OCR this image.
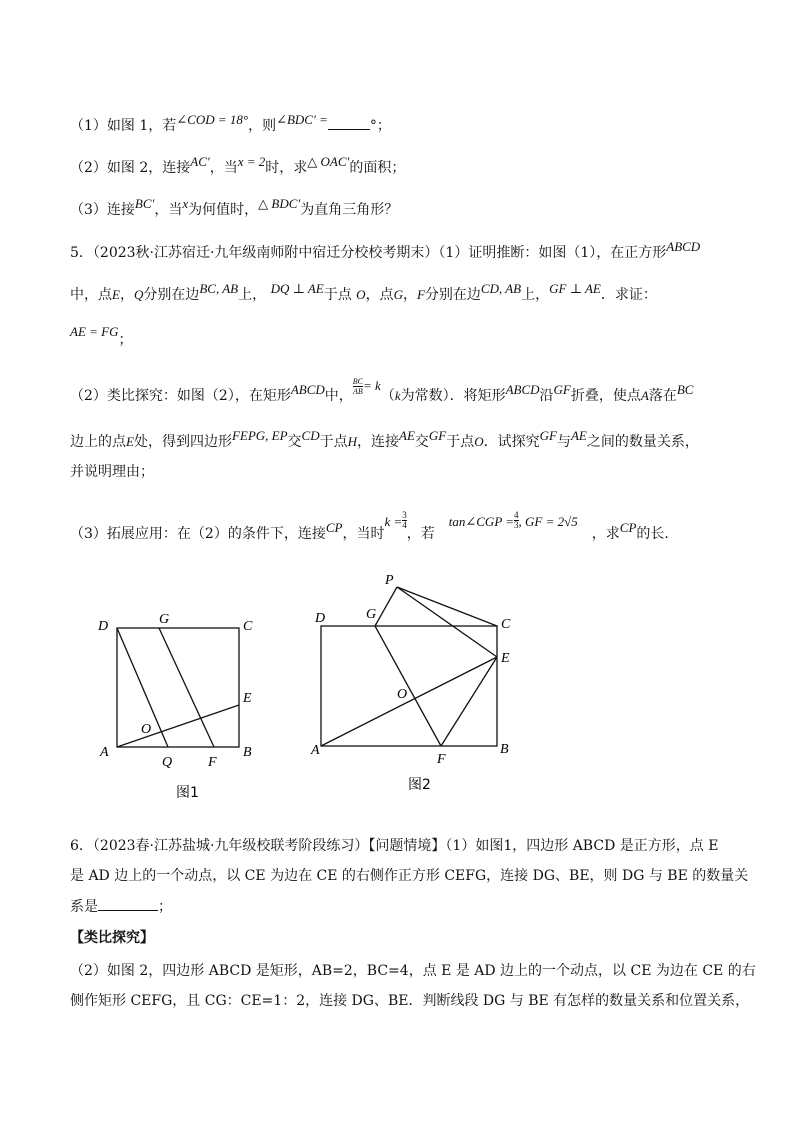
（1）如图 1，若∠COD = 18°，则∠BDC′ =	°；
（2）如图 2，连接AC′，当x = 2时，求△ OAC′的面积；
（3）连接BC′，当x为何值时，△ BDC′为直角三角形？
5．（2023秋·江苏宿迁·九年级南师附中宿迁分校校考期末）（1）证明推断：如图（1），在正方形ABCD
中，点E，Q分别在边BC, AB上， DQ ⊥ AE于点 O，点G，F分别在边CD, AB上，GF ⊥ AE．求证：
AE = FG；
（2）类比探究：如图（2），在矩形ABCD中，
$\frac{BC}{AB} = k(k$为常数）．将矩形ABCD沿GF折叠，使点A落在BC
边上的点E处，得到四边形FEPG, EP交CD于点H，连接AE交GF于点O．试探究GF与AE之间的数量关系，
并说明理由；
（3）拓展应用：在（2）的条件下，连接CP，当时$k = \frac{3}{4}$
，若tan∠CGP = $\frac{4}{3}$ , GF = 2√5，求CP的长．
D	G	C
E
O
A
Q	F
B
图1
P
D	G
C
E
O
A
F
B
图2
6．（2023春·江苏盐城·九年级校联考阶段练习）【问题情境】（1）如图1，四边形 ABCD 是正方形，点 E
是 AD 边上的一个动点，以 CE 为边在 CE 的右侧作正方形 CEFG，连接 DG、BE，则 DG 与 BE 的数量关
系是	；
【类比探究】
（2）如图 2，四边形 ABCD 是矩形，AB=2，BC=4，点 E 是 AD 边上的一个动点，以 CE 为边在 CE 的右
侧作矩形 CEFG，且 CG：CE=1：2，连接 DG、BE．判断线段 DG 与 BE 有怎样的数量关系和位置关系，
